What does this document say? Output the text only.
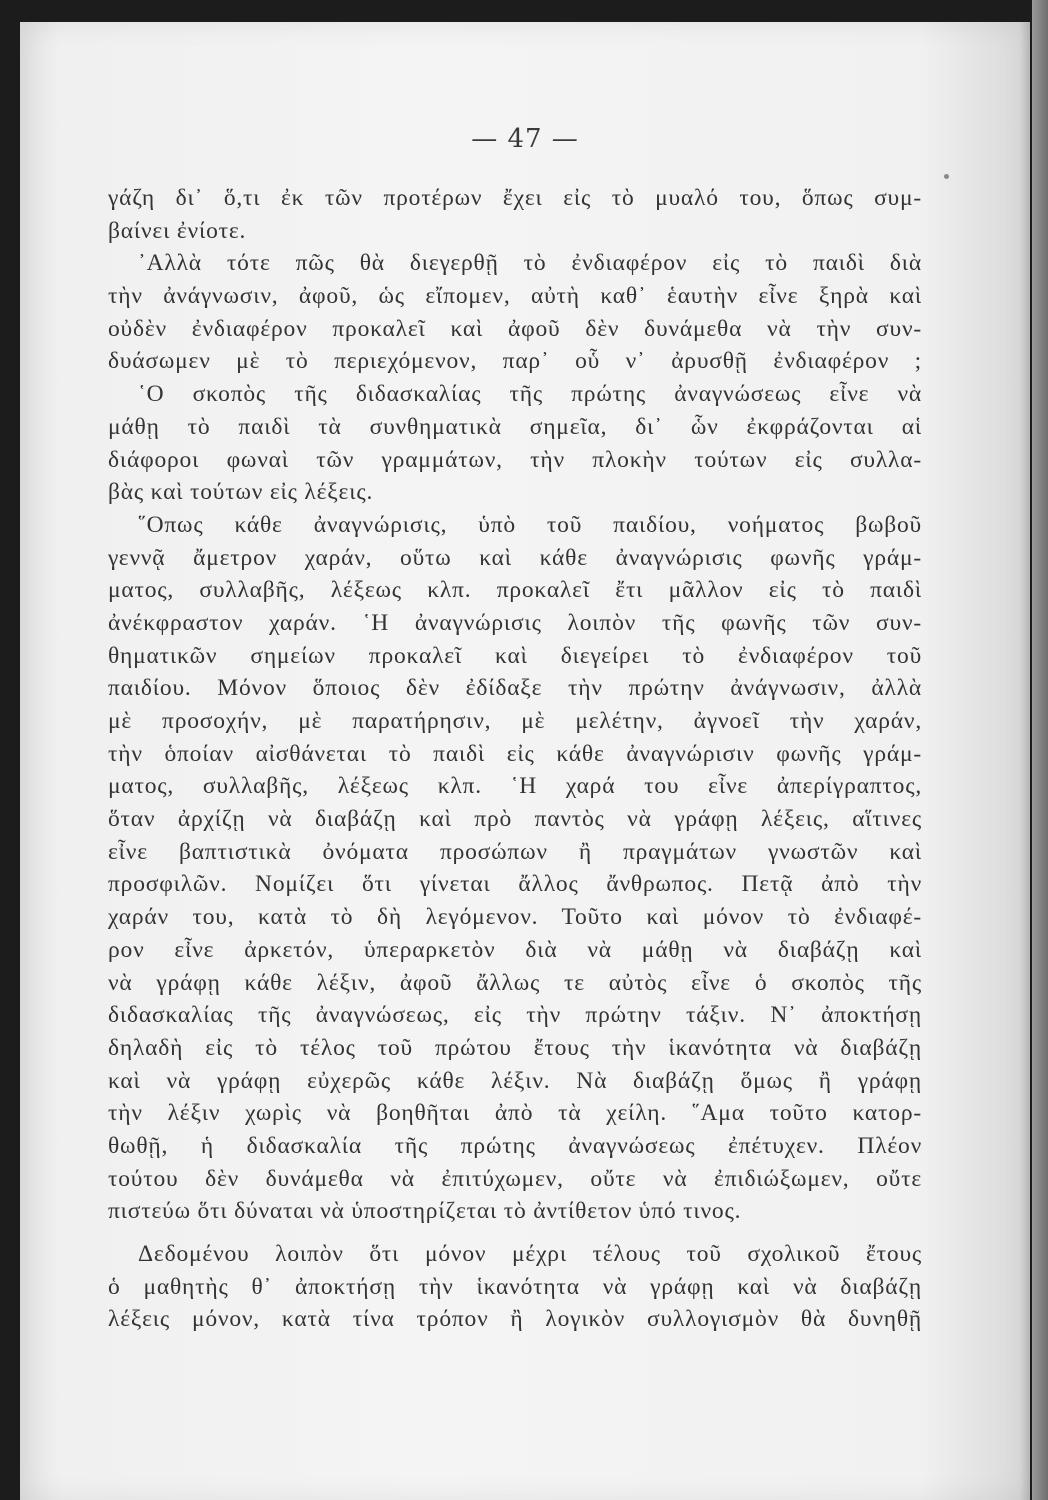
— 47 —
γάζη δι᾽ ὅ,τι ἐκ τῶν προτέρων ἔχει εἰς τὸ μυαλό του, ὅπως συμ-
βαίνει ἐνίοτε.
᾿Αλλὰ τότε πῶς θὰ διεγερθῇ τὸ ἐνδιαφέρον εἰς τὸ παιδὶ διὰ
τὴν ἀνάγνωσιν, ἀφοῦ, ὡς εἴπομεν, αὐτὴ καθ᾽ ἑαυτὴν εἶνε ξηρὰ καὶ
οὐδὲν ἐνδιαφέρον προκαλεῖ καὶ ἀφοῦ δὲν δυνάμεθα νὰ τὴν συν-
δυάσωμεν μὲ τὸ περιεχόμενον, παρ᾽ οὗ ν᾽ ἀρυσθῇ ἐνδιαφέρον ;
῾Ο σκοπὸς τῆς διδασκαλίας τῆς πρώτης ἀναγνώσεως εἶνε νὰ
μάθῃ τὸ παιδὶ τὰ συνθηματικὰ σημεῖα, δι᾽ ὧν ἐκφράζονται αἱ
διάφοροι φωναὶ τῶν γραμμάτων, τὴν πλοκὴν τούτων εἰς συλλα-
βὰς καὶ τούτων εἰς λέξεις.
῞Οπως κάθε ἀναγνώρισις, ὑπὸ τοῦ παιδίου, νοήματος βωβοῦ
γεννᾷ ἄμετρον χαράν, οὕτω καὶ κάθε ἀναγνώρισις φωνῆς γράμ-
ματος, συλλαβῆς, λέξεως κλπ. προκαλεῖ ἔτι μᾶλλον εἰς τὸ παιδὶ
ἀνέκφραστον χαράν. ῾Η ἀναγνώρισις λοιπὸν τῆς φωνῆς τῶν συν-
θηματικῶν σημείων προκαλεῖ καὶ διεγείρει τὸ ἐνδιαφέρον τοῦ
παιδίου. Μόνον ὅποιος δὲν ἐδίδαξε τὴν πρώτην ἀνάγνωσιν, ἀλλὰ
μὲ προσοχήν, μὲ παρατήρησιν, μὲ μελέτην, ἀγνοεῖ τὴν χαράν,
τὴν ὁποίαν αἰσθάνεται τὸ παιδὶ εἰς κάθε ἀναγνώρισιν φωνῆς γράμ-
ματος, συλλαβῆς, λέξεως κλπ. ῾Η χαρά του εἶνε ἀπερίγραπτος,
ὅταν ἀρχίζῃ νὰ διαβάζῃ καὶ πρὸ παντὸς νὰ γράφῃ λέξεις, αἵτινες
εἶνε βαπτιστικὰ ὀνόματα προσώπων ἢ πραγμάτων γνωστῶν καὶ
προσφιλῶν. Νομίζει ὅτι γίνεται ἄλλος ἄνθρωπος. Πετᾷ ἀπὸ τὴν
χαράν του, κατὰ τὸ δὴ λεγόμενον. Τοῦτο καὶ μόνον τὸ ἐνδιαφέ-
ρον εἶνε ἀρκετόν, ὑπεραρκετὸν διὰ νὰ μάθῃ νὰ διαβάζῃ καὶ
νὰ γράφῃ κάθε λέξιν, ἀφοῦ ἄλλως τε αὐτὸς εἶνε ὁ σκοπὸς τῆς
διδασκαλίας τῆς ἀναγνώσεως, εἰς τὴν πρώτην τάξιν. Ν᾽ ἀποκτήσῃ
δηλαδὴ εἰς τὸ τέλος τοῦ πρώτου ἔτους τὴν ἱκανότητα νὰ διαβάζῃ
καὶ νὰ γράφῃ εὐχερῶς κάθε λέξιν. Νὰ διαβάζῃ ὅμως ἢ γράφῃ
τὴν λέξιν χωρὶς νὰ βοηθῆται ἀπὸ τὰ χείλη. ῞Αμα τοῦτο κατορ-
θωθῇ, ἡ διδασκαλία τῆς πρώτης ἀναγνώσεως ἐπέτυχεν. Πλέον
τούτου δὲν δυνάμεθα νὰ ἐπιτύχωμεν, οὔτε νὰ ἐπιδιώξωμεν, οὔτε
πιστεύω ὅτι δύναται νὰ ὑποστηρίζεται τὸ ἀντίθετον ὑπό τινος.
Δεδομένου λοιπὸν ὅτι μόνον μέχρι τέλους τοῦ σχολικοῦ ἔτους
ὁ μαθητὴς θ᾽ ἀποκτήσῃ τὴν ἱκανότητα νὰ γράφῃ καὶ νὰ διαβάζῃ
λέξεις μόνον, κατὰ τίνα τρόπον ἢ λογικὸν συλλογισμὸν θὰ δυνηθῇ
